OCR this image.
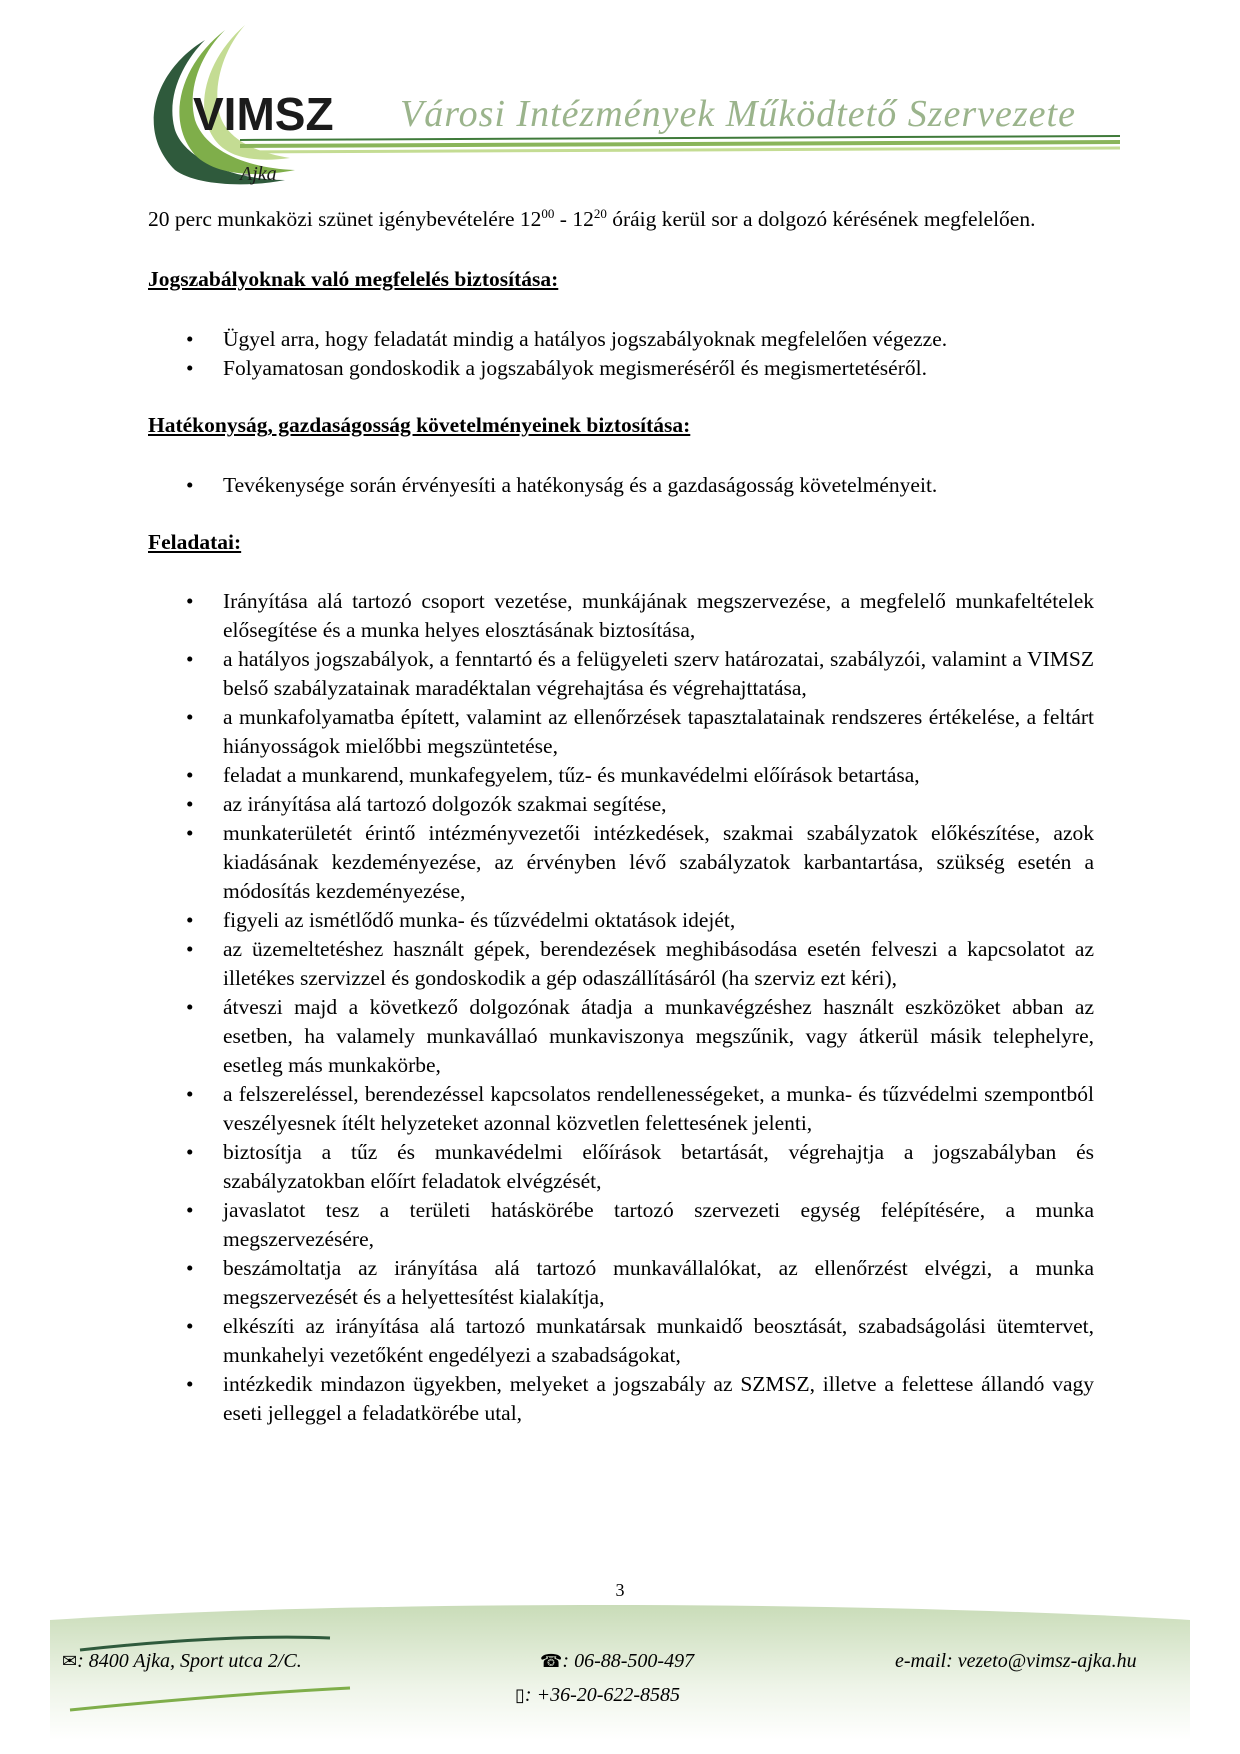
VIMSZ
Ajka
Városi Intézmények Működtető Szervezete

20 perc munkaközi szünet igénybevételére $12^{00} - 12^{20}$ óráig kerül sor a dolgozó kérésének megfelelően.

Jogszabályoknak való megfelelés biztosítása:

• Ügyel arra, hogy feladatát mindig a hatályos jogszabályoknak megfelelően végezze.
• Folyamatosan gondoskodik a jogszabályok megismeréséről és megismertetéséről.

Hatékonyság, gazdaságosság követelményeinek biztosítása:

• Tevékenysége során érvényesíti a hatékonyság és a gazdaságosság követelményeit.

Feladatai:

• Irányítása alá tartozó csoport vezetése, munkájának megszervezése, a megfelelő munkafeltételek elősegítése és a munka helyes elosztásának biztosítása,
• a hatályos jogszabályok, a fenntartó és a felügyeleti szerv határozatai, szabályzói, valamint a VIMSZ belső szabályzatainak maradéktalan végrehajtása és végrehajttatása,
• a munkafolyamatba épített, valamint az ellenőrzések tapasztalatainak rendszeres értékelése, a feltárt hiányosságok mielőbbi megszüntetése,
• feladat a munkarend, munkafegyelem, tűz- és munkavédelmi előírások betartása,
• az irányítása alá tartozó dolgozók szakmai segítése,
• munkaterületét érintő intézményvezetői intézkedések, szakmai szabályzatok előkészítése, azok kiadásának kezdeményezése, az érvényben lévő szabályzatok karbantartása, szükség esetén a módosítás kezdeményezése,
• figyeli az ismétlődő munka- és tűzvédelmi oktatások idejét,
• az üzemeltetéshez használt gépek, berendezések meghibásodása esetén felveszi a kapcsolatot az illetékes szervizzel és gondoskodik a gép odaszállításáról (ha szerviz ezt kéri),
• átveszi majd a következő dolgozónak átadja a munkavégzéshez használt eszközöket abban az esetben, ha valamely munkavállaó munkaviszonya megszűnik, vagy átkerül másik telephelyre, esetleg más munkakörbe,
• a felszereléssel, berendezéssel kapcsolatos rendellenességeket, a munka- és tűzvédelmi szempontból veszélyesnek ítélt helyzeteket azonnal közvetlen felettesének jelenti,
• biztosítja a tűz és munkavédelmi előírások betartását, végrehajtja a jogszabályban és szabályzatokban előírt feladatok elvégzését,
• javaslatot tesz a területi hatáskörébe tartozó szervezeti egység felépítésére, a munka megszervezésére,
• beszámoltatja az irányítása alá tartozó munkavállalókat, az ellenőrzést elvégzi, a munka megszervezését és a helyettesítést kialakítja,
• elkészíti az irányítása alá tartozó munkatársak munkaidő beosztását, szabadságolási ütemtervet, munkahelyi vezetőként engedélyezi a szabadságokat,
• intézkedik mindazon ügyekben, melyeket a jogszabály az SZMSZ, illetve a felettese állandó vagy eseti jelleggel a feladatkörébe utal,
3
✉: 8400 Ajka, Sport utca 2/C.	☎: 06-88-500-497
▯: +36-20-622-8585
e-mail: vezeto@vimsz-ajka.hu
